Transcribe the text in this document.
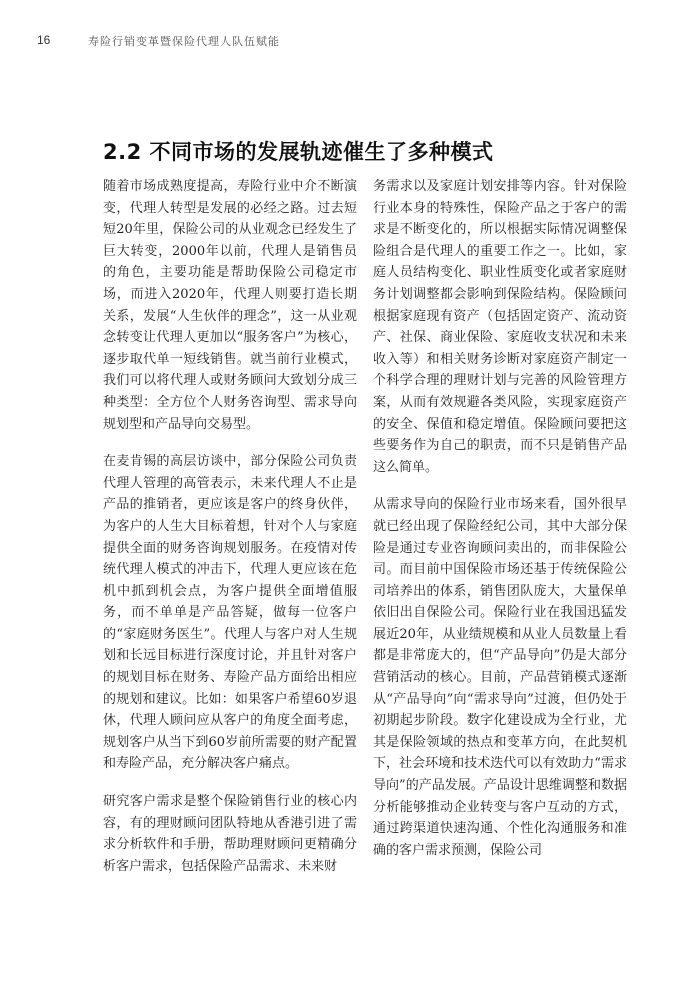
16	寿险行销变革暨保险代理人队伍赋能
2.2 不同市场的发展轨迹催生了多种模式

随着市场成熟度提高，寿险行业中介不断演变，代理人转型是发展的必经之路。过去短短20年里，保险公司的从业观念已经发生了巨大转变，2000年以前，代理人是销售员的角色，主要功能是帮助保险公司稳定市场，而进入2020年，代理人则要打造长期关系，发展“人生伙伴的理念”，这一从业观念转变让代理人更加以“服务客户”为核心，逐步取代单一短线销售。就当前行业模式，我们可以将代理人或财务顾问大致划分成三种类型：全方位个人财务咨询型、需求导向规划型和产品导向交易型。

在麦肯锡的高层访谈中，部分保险公司负责代理人管理的高管表示，未来代理人不止是产品的推销者，更应该是客户的终身伙伴，为客户的人生大目标着想，针对个人与家庭提供全面的财务咨询规划服务。在疫情对传统代理人模式的冲击下，代理人更应该在危机中抓到机会点，为客户提供全面增值服务，而不单单是产品答疑，做每一位客户的“家庭财务医生”。代理人与客户对人生规划和长远目标进行深度讨论，并且针对客户的规划目标在财务、寿险产品方面给出相应的规划和建议。比如：如果客户希望60岁退休，代理人顾问应从客户的角度全面考虑，规划客户从当下到60岁前所需要的财产配置和寿险产品，充分解决客户痛点。

研究客户需求是整个保险销售行业的核心内容，有的理财顾问团队特地从香港引进了需求分析软件和手册，帮助理财顾问更精确分析客户需求，包括保险产品需求、未来财

务需求以及家庭计划安排等内容。针对保险行业本身的特殊性，保险产品之于客户的需求是不断变化的，所以根据实际情况调整保险组合是代理人的重要工作之一。比如，家庭人员结构变化、职业性质变化或者家庭财务计划调整都会影响到保险结构。保险顾问根据家庭现有资产（包括固定资产、流动资产、社保、商业保险、家庭收支状况和未来收入等）和相关财务诊断对家庭资产制定一个科学合理的理财计划与完善的风险管理方案，从而有效规避各类风险，实现家庭资产的安全、保值和稳定增值。保险顾问要把这些要务作为自己的职责，而不只是销售产品这么简单。

从需求导向的保险行业市场来看，国外很早就已经出现了保险经纪公司，其中大部分保险是通过专业咨询顾问卖出的，而非保险公司。而目前中国保险市场还基于传统保险公司培养出的体系，销售团队庞大，大量保单依旧出自保险公司。保险行业在我国迅猛发展近20年，从业绩规模和从业人员数量上看都是非常庞大的，但“产品导向”仍是大部分营销活动的核心。目前，产品营销模式逐渐从“产品导向”向“需求导向”过渡，但仍处于初期起步阶段。数字化建设成为全行业，尤其是保险领域的热点和变革方向，在此契机下，社会环境和技术迭代可以有效助力“需求导向”的产品发展。产品设计思维调整和数据分析能够推动企业转变与客户互动的方式，通过跨渠道快速沟通、个性化沟通服务和准确的客户需求预测，保险公司
